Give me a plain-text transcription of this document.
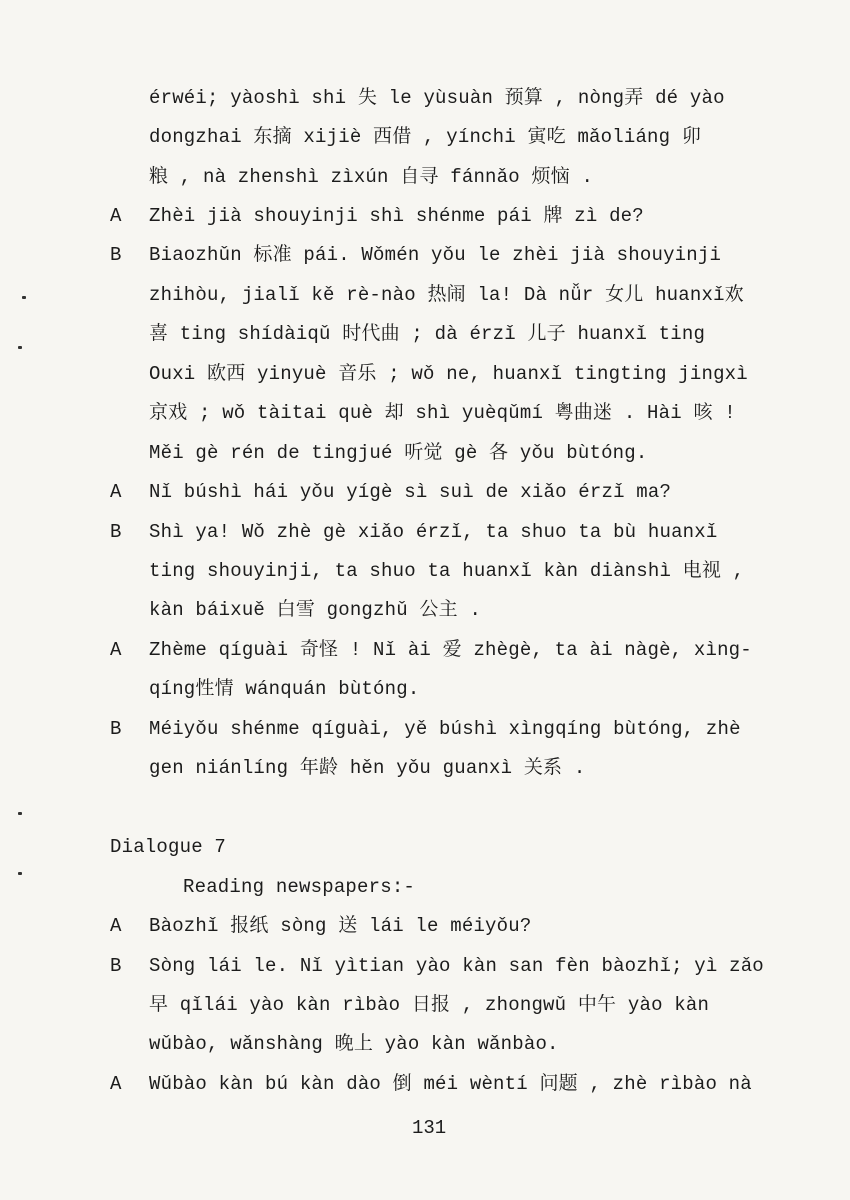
érwéi; yàoshì shi 失 le yùsuàn 预算 , nòng弄 dé yào
dongzhai 东摘 xijiè 西借 , yínchi 寅吃 mǎoliáng 卯
粮 , nà zhenshì zìxún 自寻 fánnǎo 烦恼 .
A Zhèi jià shouyinji shì shénme pái 牌 zì de?
B Biaozhǔn 标准 pái. Wǒmén yǒu le zhèi jià shouyinji
zhihòu, jialǐ kě rè-nào 热闹 la! Dà nǚr 女儿 huanxǐ欢
喜 ting shídàiqǔ 时代曲 ; dà érzǐ 儿子 huanxǐ ting
Ouxi 欧西 yinyuè 音乐 ; wǒ ne, huanxǐ tingting jingxì
京戏 ; wǒ tàitai què 却 shì yuèqǔmí 粤曲迷 . Hài 咳 !
Měi gè rén de tingjué 听觉 gè 各 yǒu bùtóng.
A Nǐ búshì hái yǒu yígè sì suì de xiǎo érzǐ ma?
B Shì ya! Wǒ zhè gè xiǎo érzǐ, ta shuo ta bù huanxǐ
ting shouyinji, ta shuo ta huanxǐ kàn diànshì 电视 ,
kàn báixuě 白雪 gongzhǔ 公主 .
A Zhème qíguài 奇怪 ! Nǐ ài 爱 zhègè, ta ài nàgè, xìng-
qíng性情 wánquán bùtóng.
B Méiyǒu shénme qíguài, yě búshì xìngqíng bùtóng, zhè
gen niánlíng 年龄 hěn yǒu guanxì 关系 .
Dialogue 7
Reading newspapers:-
A Bàozhǐ 报纸 sòng 送 lái le méiyǒu?
B Sòng lái le. Nǐ yìtian yào kàn san fèn bàozhǐ; yì zǎo
早 qǐlái yào kàn rìbào 日报 , zhongwǔ 中午 yào kàn
wǔbào, wǎnshàng 晚上 yào kàn wǎnbào.
A Wǔbào kàn bú kàn dào 倒 méi wèntí 问题 , zhè rìbào nà
131
